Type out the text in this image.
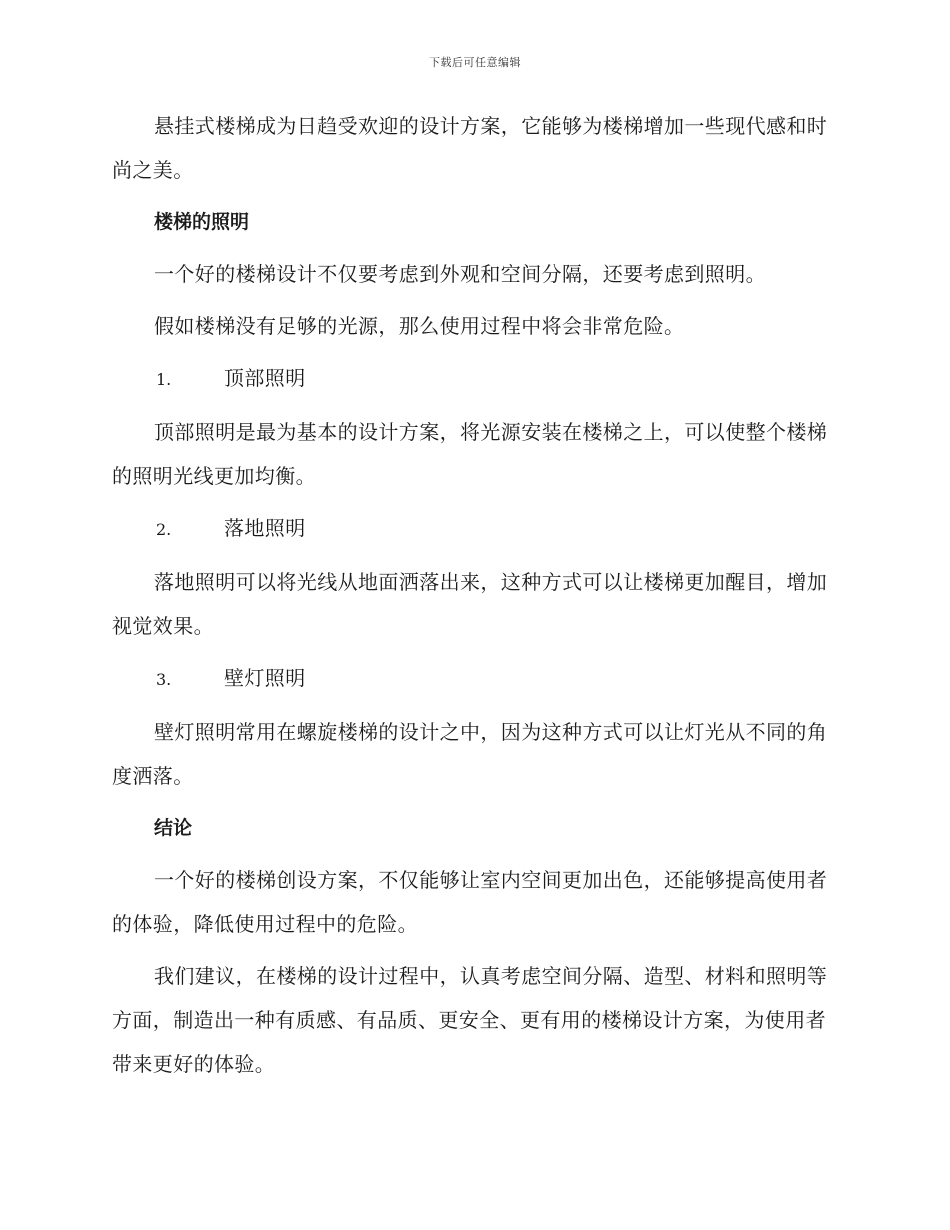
下载后可任意编辑

悬挂式楼梯成为日趋受欢迎的设计方案，它能够为楼梯增加一些现代感和时尚之美。

楼梯的照明

一个好的楼梯设计不仅要考虑到外观和空间分隔，还要考虑到照明。

假如楼梯没有足够的光源，那么使用过程中将会非常危险。

1.	顶部照明

顶部照明是最为基本的设计方案，将光源安装在楼梯之上，可以使整个楼梯的照明光线更加均衡。

2.	落地照明

落地照明可以将光线从地面洒落出来，这种方式可以让楼梯更加醒目，增加视觉效果。

3.	壁灯照明

壁灯照明常用在螺旋楼梯的设计之中，因为这种方式可以让灯光从不同的角度洒落。

结论

一个好的楼梯创设方案，不仅能够让室内空间更加出色，还能够提高使用者的体验，降低使用过程中的危险。

我们建议，在楼梯的设计过程中，认真考虑空间分隔、造型、材料和照明等方面，制造出一种有质感、有品质、更安全、更有用的楼梯设计方案，为使用者带来更好的体验。
